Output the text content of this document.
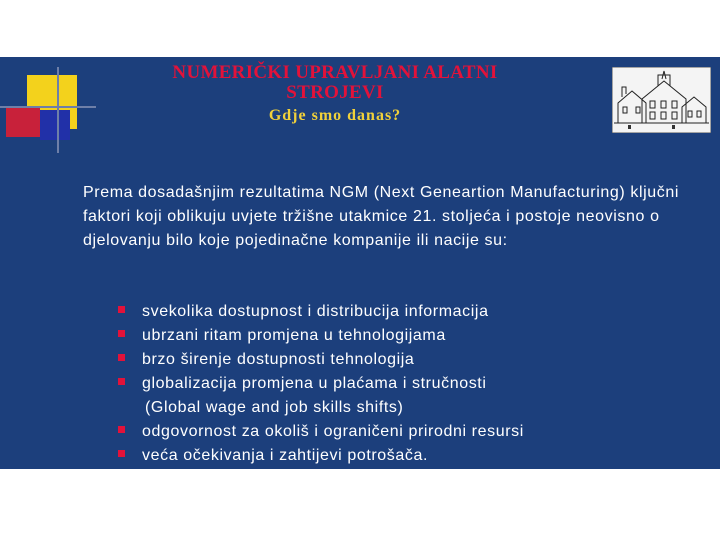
NUMERIČKI UPRAVLJANI ALATNI STROJEVI
Gdje smo danas?

Prema dosadašnjim rezultatima NGM (Next Geneartion Manufacturing) ključni faktori koji oblikuju uvjete tržišne utakmice 21. stoljeća i postoje neovisno o djelovanju bilo koje pojedinačne kompanije ili nacije su:

svekolika dostupnost i distribucija informacija
ubrzani ritam promjena u tehnologijama
brzo širenje dostupnosti tehnologija
globalizacija promjena u plaćama i stručnosti
(Global wage and job skills shifts)
odgovornost za okoliš i ograničeni prirodni resursi
veća očekivanja i zahtijevi potrošača.
